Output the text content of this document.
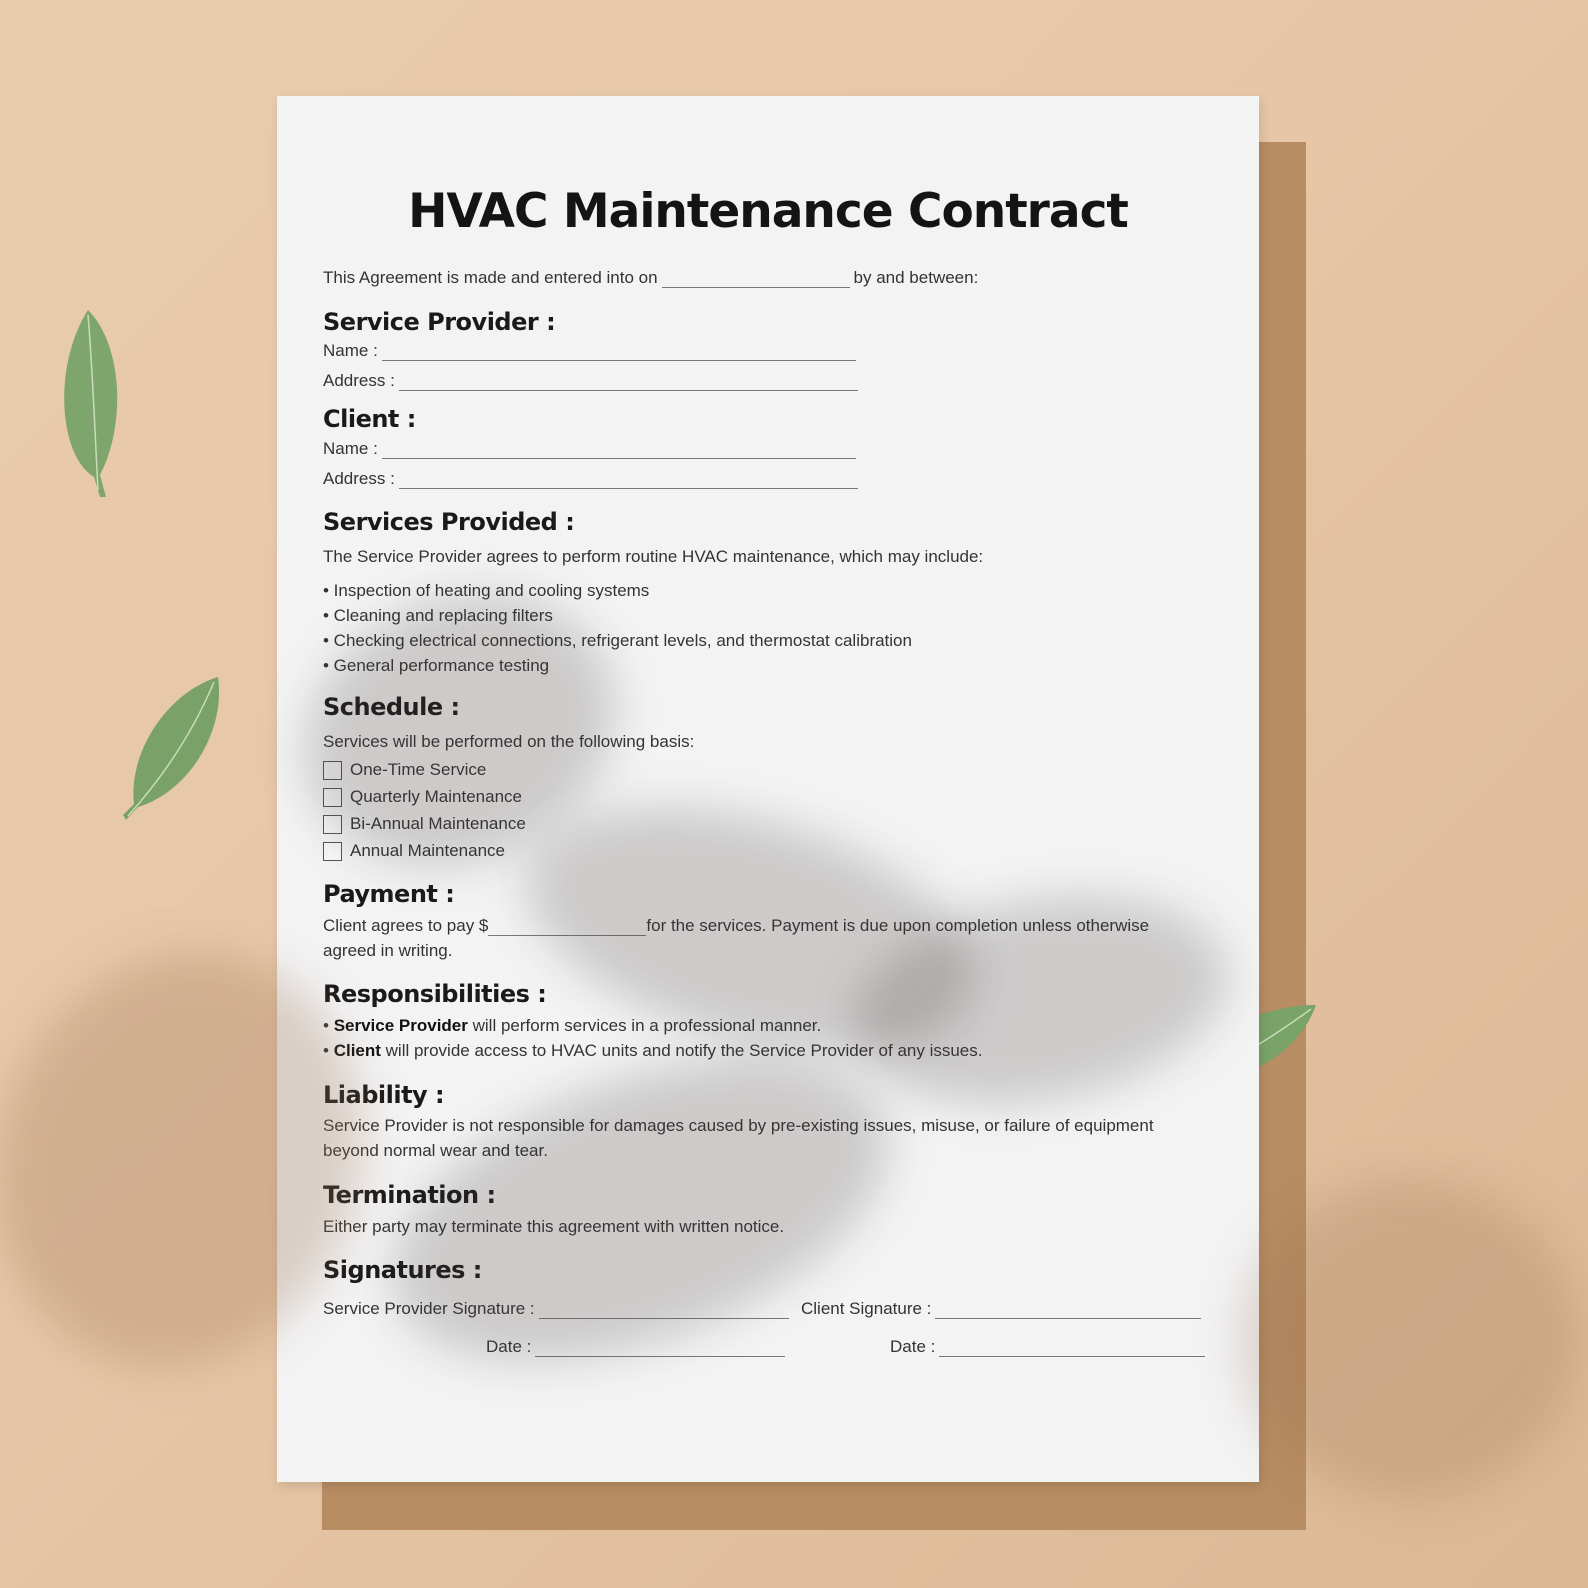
HVAC Maintenance Contract
This Agreement is made and entered into on	by and between:
Service Provider :
Name :
Address :
Client :
Name :
Address :
Services Provided :
The Service Provider agrees to perform routine HVAC maintenance, which may include:
• Inspection of heating and cooling systems
• Cleaning and replacing filters
• Checking electrical connections, refrigerant levels, and thermostat calibration
• General performance testing
Schedule :
Services will be performed on the following basis:
One-Time Service
Quarterly Maintenance
Bi-Annual Maintenance
Annual Maintenance
Payment :
Client agrees to pay $	for the services. Payment is due upon completion unless otherwise
agreed in writing.
Responsibilities :
• Service Provider will perform services in a professional manner.
• Client will provide access to HVAC units and notify the Service Provider of any issues.
Liability :
Service Provider is not responsible for damages caused by pre-existing issues, misuse, or failure of equipment beyond normal wear and tear.
Termination :
Either party may terminate this agreement with written notice.
Signatures :
Service Provider Signature :	Client Signature :
Date :	Date :
